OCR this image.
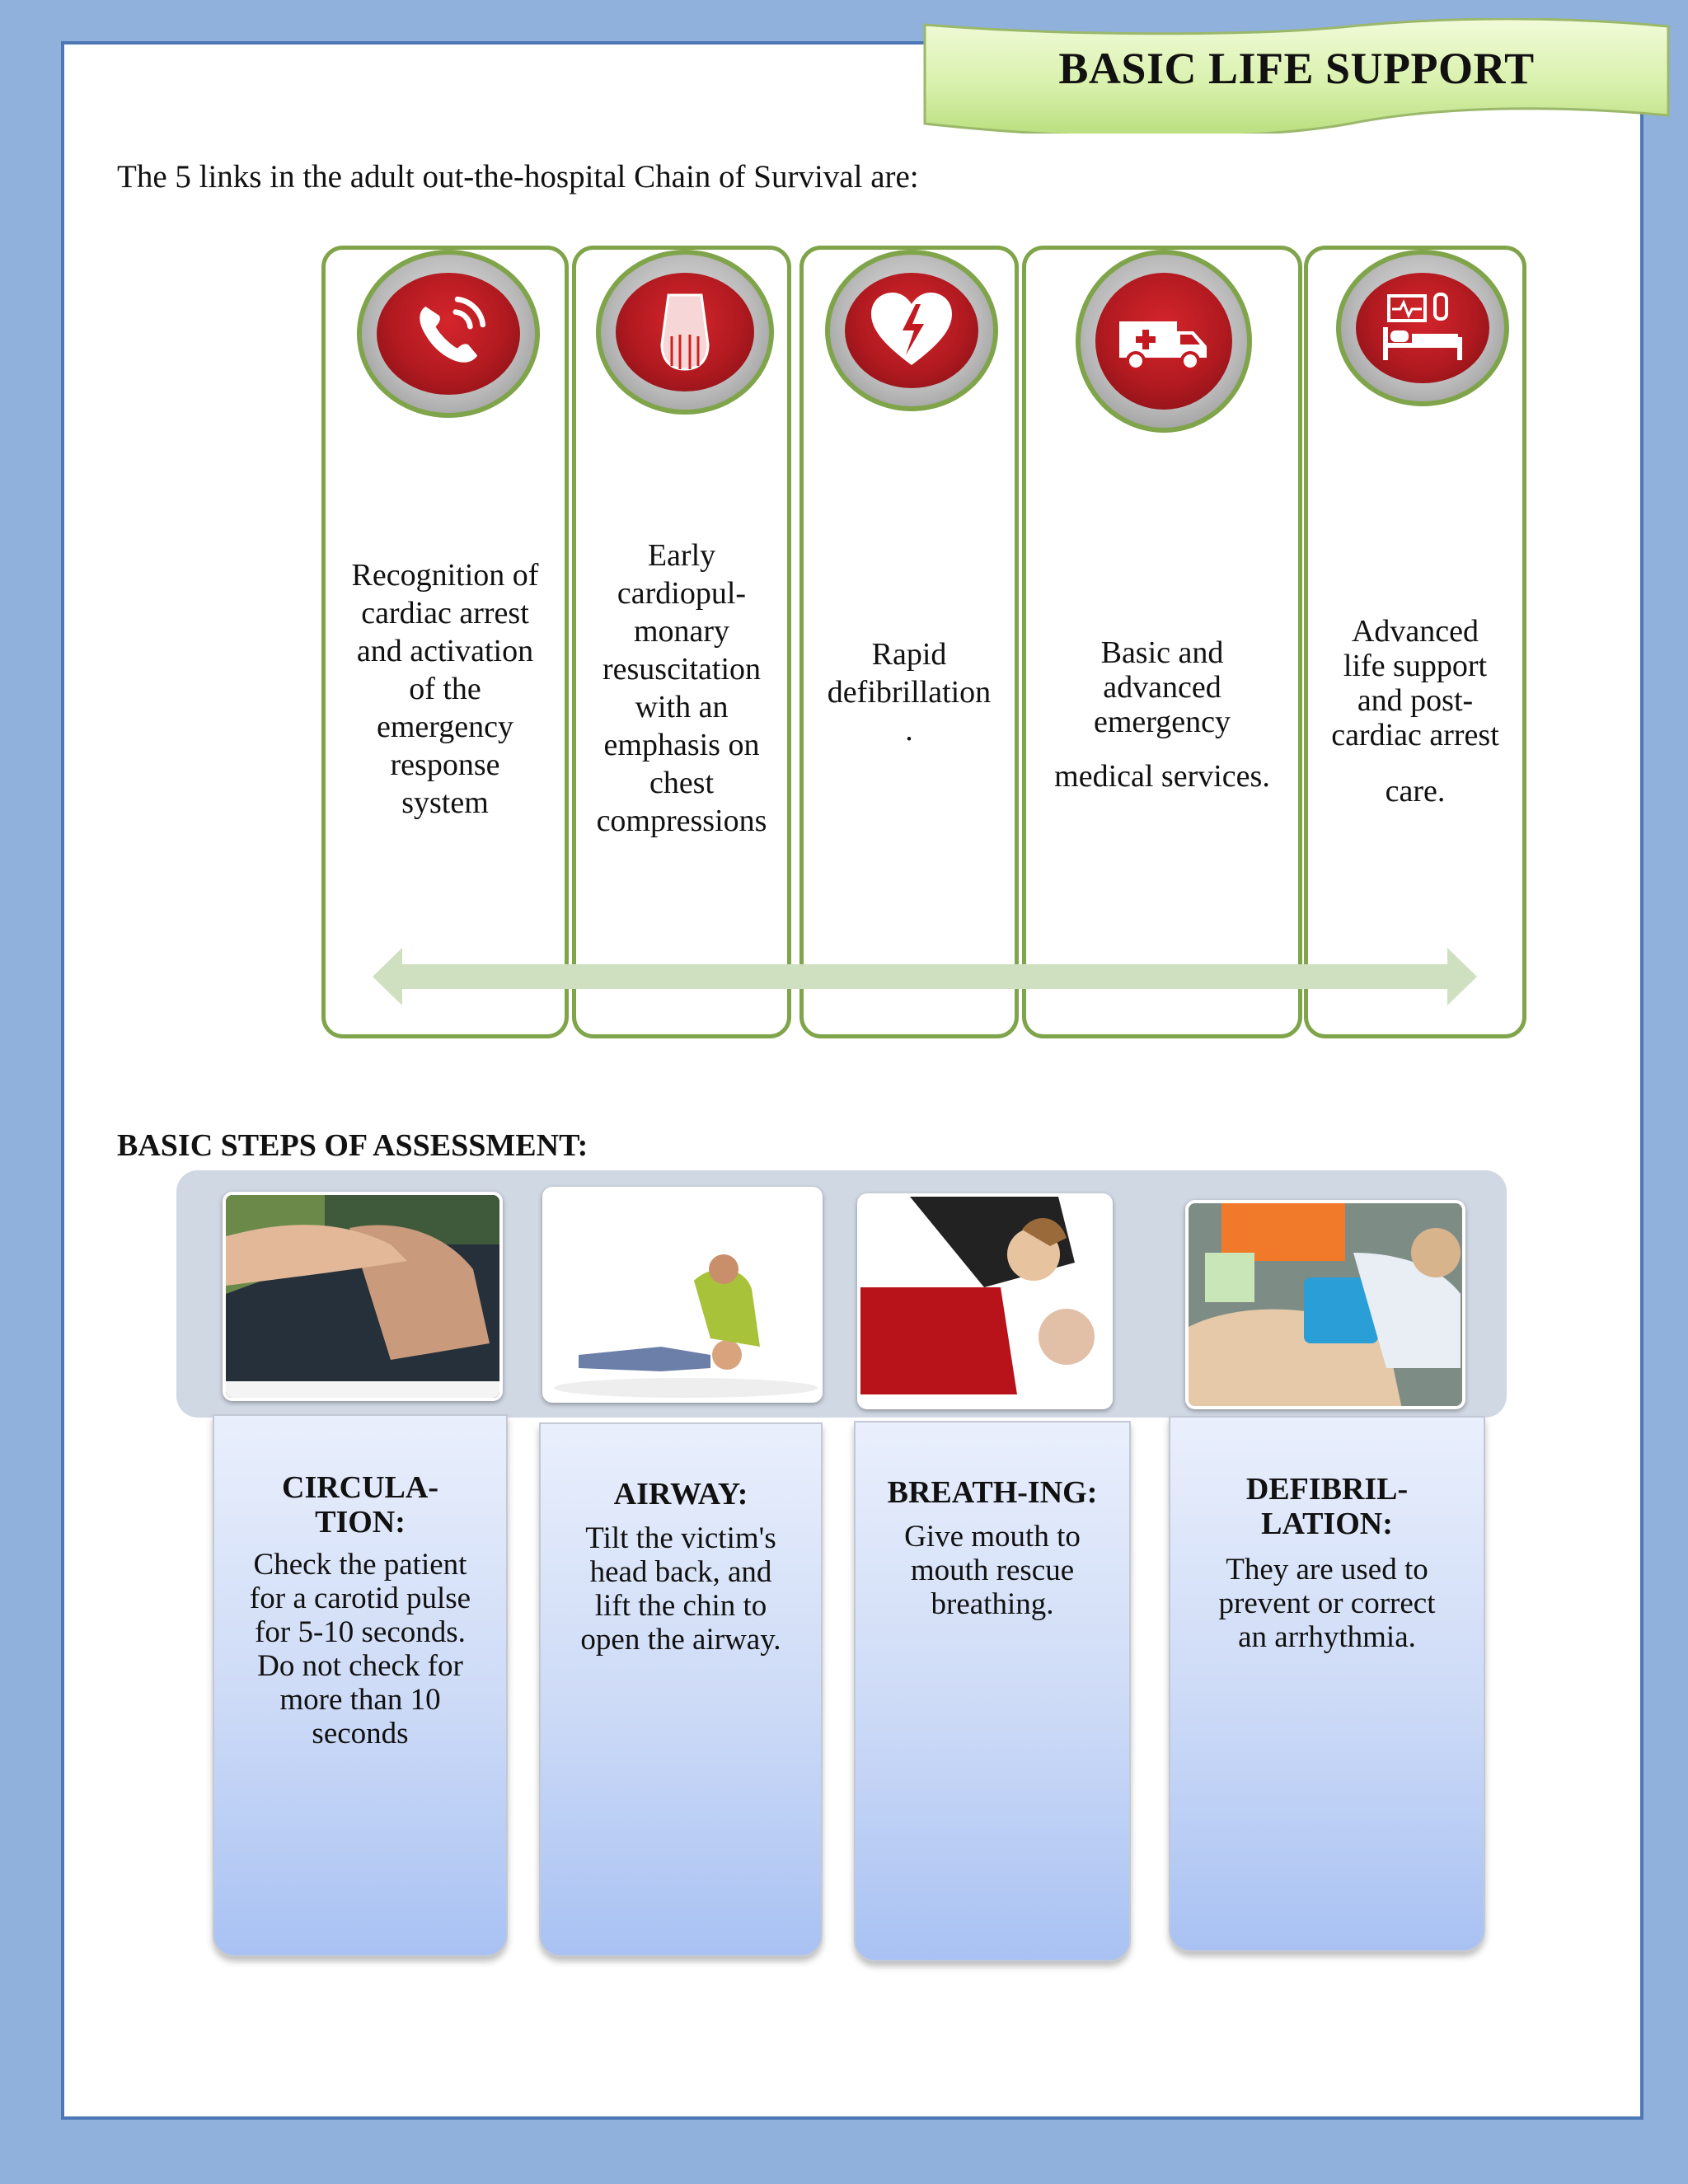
BASIC LIFE SUPPORT
The 5 links in the adult out-the-hospital Chain of Survival are:
Recognition of
cardiac arrest
and activation
of the
emergency
response
system
Early
cardiopul-
monary
resuscitation
with an
emphasis on
chest
compressions
Rapid
defibrillation
.
Basic and
advanced
emergency
medical services.
Advanced
life support
and post-
cardiac arrest
care.
BASIC STEPS OF ASSESSMENT:
CIRCULA-
TION:
Check the patient
for a carotid pulse
for 5-10 seconds.
Do not check for
more than 10
seconds
AIRWAY:
Tilt the victim's
head back, and
lift the chin to
open the airway.
BREATH-ING:
Give mouth to
mouth rescue
breathing.
DEFIBRIL-
LATION:
They are used to
prevent or correct
an arrhythmia.
